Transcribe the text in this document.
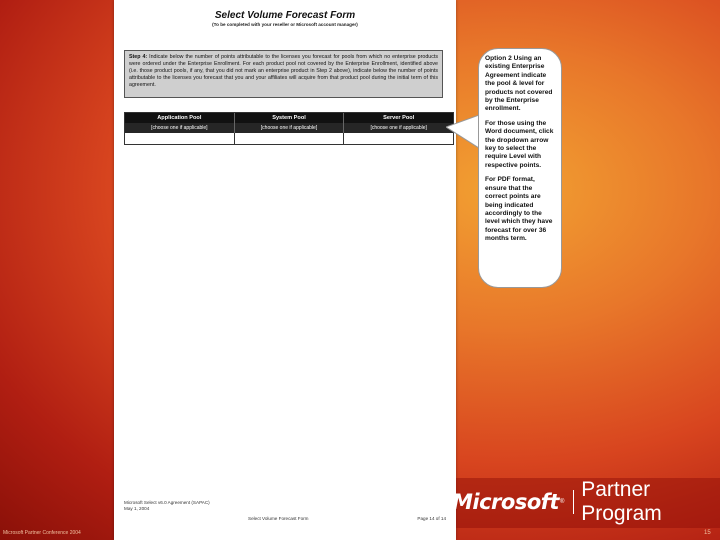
Select Volume Forecast Form
(To be completed with your reseller or Microsoft account manager)
Step 4: Indicate below the number of points attributable to the licenses you forecast for pools from which no enterprise products were ordered under the Enterprise Enrollment. For each product pool not covered by the Enterprise Enrollment, identified above (i.e. those product pools, if any, that you did not mark an enterprise product in Step 2 above), indicate below the number of points attributable to the licenses you forecast that you and your affiliates will acquire from that product pool during the initial term of this agreement.
Application Pool	System Pool	Server Pool
[choose one if applicable]	[choose one if applicable]	[choose one if applicable]
Microsoft Select v6.0 Agreement (SAPAC) May 1, 2004
Select Volume Forecast Form	Page 14 of 14

Option 2 Using an existing Enterprise Agreement indicate the pool & level for products not covered by the Enterprise enrollment.

For those using the Word document, click the dropdown arrow key to select the require Level with respective points.

For PDF format, ensure that the correct points are being indicated accordingly to the level which they have forecast for over 36 months term.

Microsoft ®
Partner Program
Microsoft Partner Conference 2004	15
